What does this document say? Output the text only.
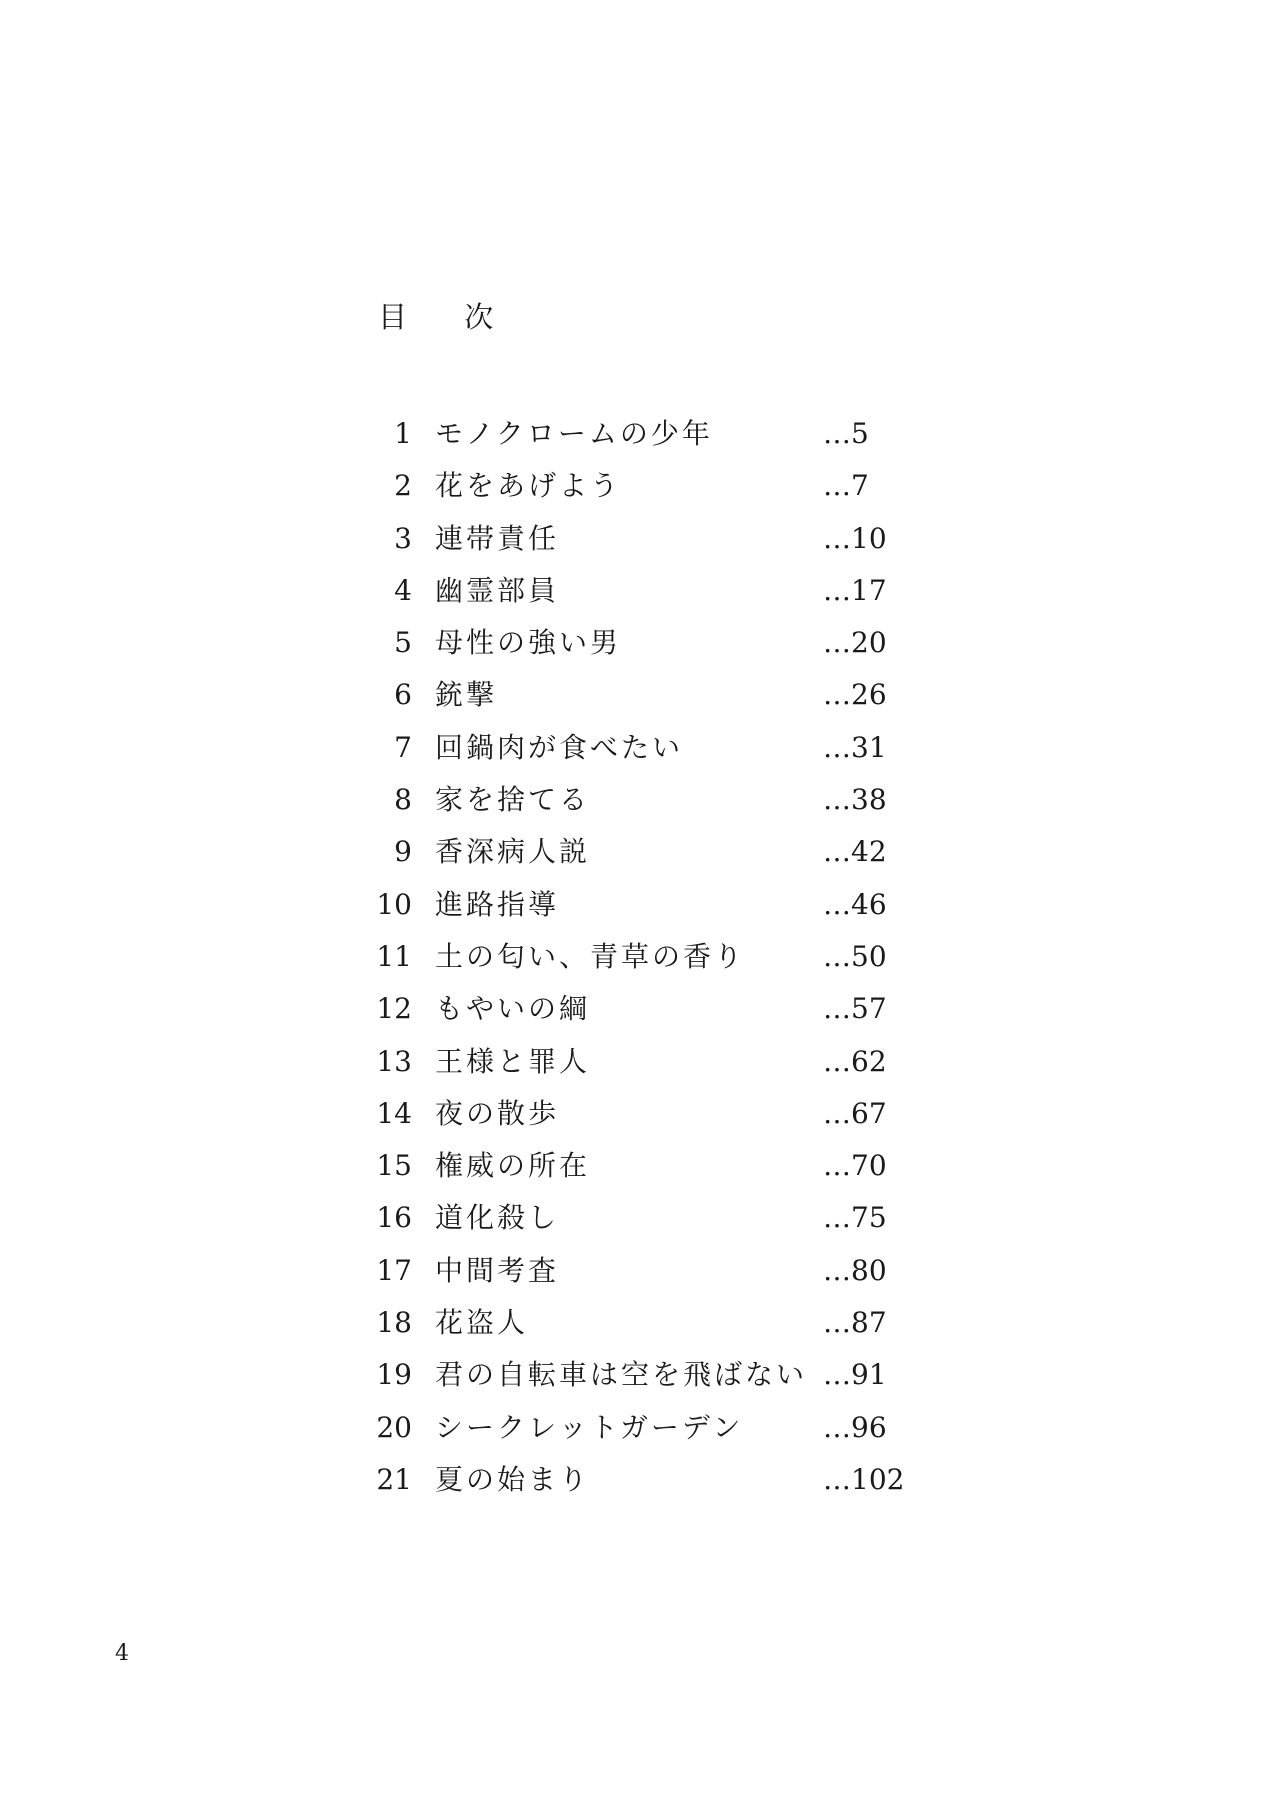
目 次
1 モノクロームの少年	…5
2 花をあげよう	…7
3 連帯責任	…10
4 幽霊部員	…17
5 母性の強い男	…20
6 銃撃	…26
7 回鍋肉が食べたい	…31
8 家を捨てる	…38
9 香深病人説	…42
10 進路指導	…46
11 土の匂い、青草の香り	…50
12 もやいの綱	…57
13 王様と罪人	…62
14 夜の散歩	…67
15 権威の所在	…70
16 道化殺し	…75
17 中間考査	…80
18 花盗人	…87
19 君の自転車は空を飛ばない …91
20 シークレットガーデン	…96
21 夏の始まり	…102
4
